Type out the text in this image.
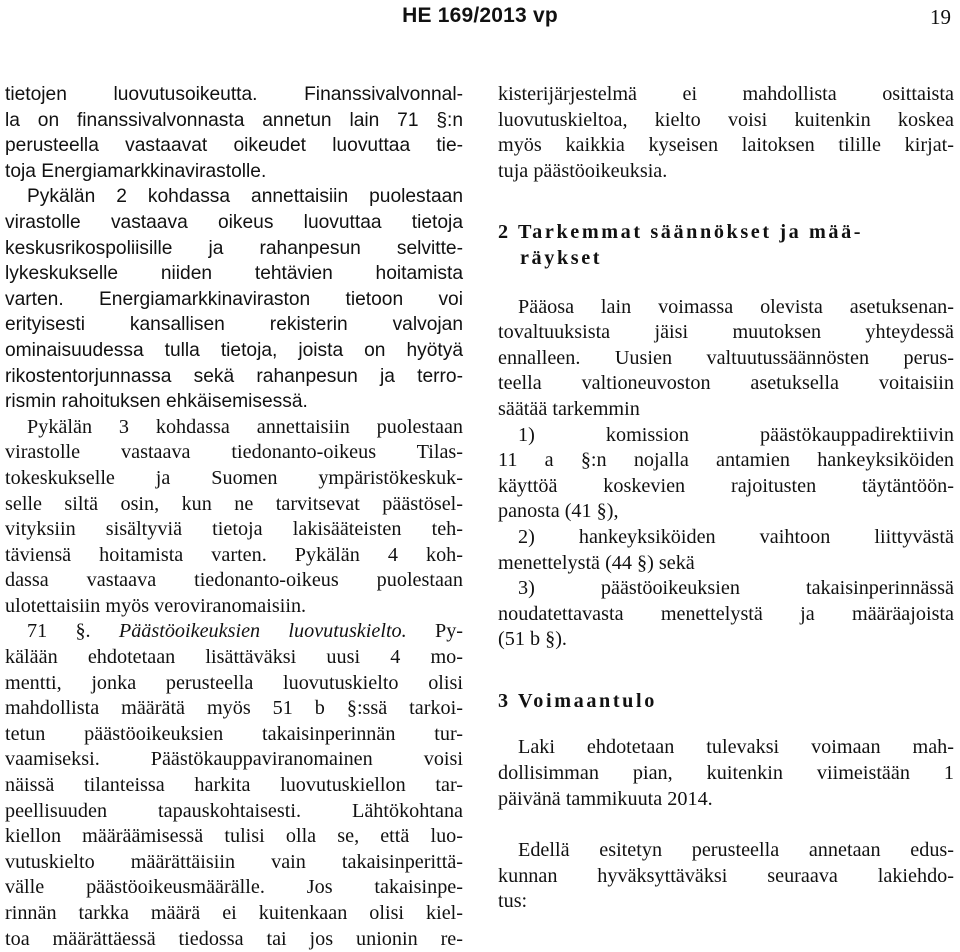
HE 169/2013 vp	19
tietojen luovutusoikeutta. Finanssivalvonnal-
la on finanssivalvonnasta annetun lain 71 §:n
perusteella vastaavat oikeudet luovuttaa tie-
toja Energiamarkkinavirastolle.
Pykälän 2 kohdassa annettaisiin puolestaan
virastolle vastaava oikeus luovuttaa tietoja
keskusrikospoliisille ja rahanpesun selvitte-
lykeskukselle niiden tehtävien hoitamista
varten. Energiamarkkinaviraston tietoon voi
erityisesti kansallisen rekisterin valvojan
ominaisuudessa tulla tietoja, joista on hyötyä
rikostentorjunnassa sekä rahanpesun ja terro-
rismin rahoituksen ehkäisemisessä.
Pykälän 3 kohdassa annettaisiin puolestaan
virastolle vastaava tiedonanto-oikeus Tilas-
tokeskukselle ja Suomen ympäristökeskuk-
selle siltä osin, kun ne tarvitsevat päästösel-
vityksiin sisältyviä tietoja lakisääteisten teh-
täviensä hoitamista varten. Pykälän 4 koh-
dassa vastaava tiedonanto-oikeus puolestaan
ulotettaisiin myös veroviranomaisiin.
71 §. Päästöoikeuksien luovutuskielto. Py-
kälään ehdotetaan lisättäväksi uusi 4 mo-
mentti, jonka perusteella luovutuskielto olisi
mahdollista määrätä myös 51 b §:ssä tarkoi-
tetun päästöoikeuksien takaisinperinnän tur-
vaamiseksi. Päästökauppaviranomainen voisi
näissä tilanteissa harkita luovutuskiellon tar-
peellisuuden tapauskohtaisesti. Lähtökohtana
kiellon määräämisessä tulisi olla se, että luo-
vutuskielto määrättäisiin vain takaisinperittä-
välle päästöoikeusmäärälle. Jos takaisinpe-
rinnän tarkka määrä ei kuitenkaan olisi kiel-
toa määrättäessä tiedossa tai jos unionin re-
kisterijärjestelmä ei mahdollista osittaista
luovutuskieltoa, kielto voisi kuitenkin koskea
myös kaikkia kyseisen laitoksen tilille kirjat-
tuja päästöoikeuksia.
2 Tarkemmat säännökset ja mää-
räykset
Pääosa lain voimassa olevista asetuksenan-
tovaltuuksista jäisi muutoksen yhteydessä
ennalleen. Uusien valtuutussäännösten perus-
teella valtioneuvoston asetuksella voitaisiin
säätää tarkemmin
1) komission päästökauppadirektiivin
11 a §:n nojalla antamien hankeyksiköiden
käyttöä koskevien rajoitusten täytäntöön-
panosta (41 §),
2) hankeyksiköiden vaihtoon liittyvästä
menettelystä (44 §) sekä
3) päästöoikeuksien takaisinperinnässä
noudatettavasta menettelystä ja määräajoista
(51 b §).
3 Voimaantulo
Laki ehdotetaan tulevaksi voimaan mah-
dollisimman pian, kuitenkin viimeistään 1
päivänä tammikuuta 2014.
Edellä esitetyn perusteella annetaan edus-
kunnan hyväksyttäväksi seuraava lakiehdo-
tus:
